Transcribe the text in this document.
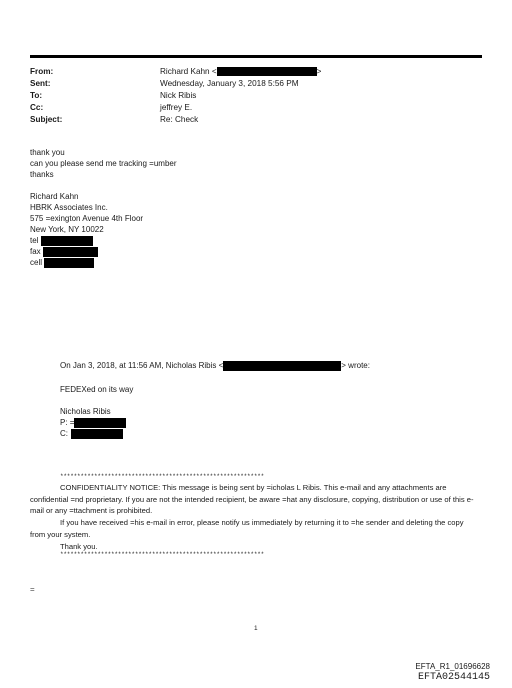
From:	Richard Kahn <	>
Sent:	Wednesday, January 3, 2018 5:56 PM
To:	Nick Ribis
Cc:	jeffrey E.
Subject:	Re: Check
thank you
can you please send me tracking =umber
thanks
Richard Kahn
HBRK Associates Inc.
575 =exington Avenue 4th Floor
New York, NY 10022
tel
fax
cell
On Jan 3, 2018, at 11:56 AM, Nicholas Ribis <	> wrote:
FEDEXed on its way
Nicholas Ribis
P: =
C:
************************************************************
CONFIDENTIALITY NOTICE: This message is being sent by =icholas L Ribis. This e-mail and any attachments are confidential =nd proprietary. If you are not the intended recipient, be aware =hat any disclosure, copying, distribution or use of this e-mail or any =ttachment is prohibited.
If you have received =his e-mail in error, please notify us immediately by returning it to =he sender and deleting the copy from your system.
Thank you.
************************************************************
=
1
EFTA_R1_01696628
EFTA02544145
